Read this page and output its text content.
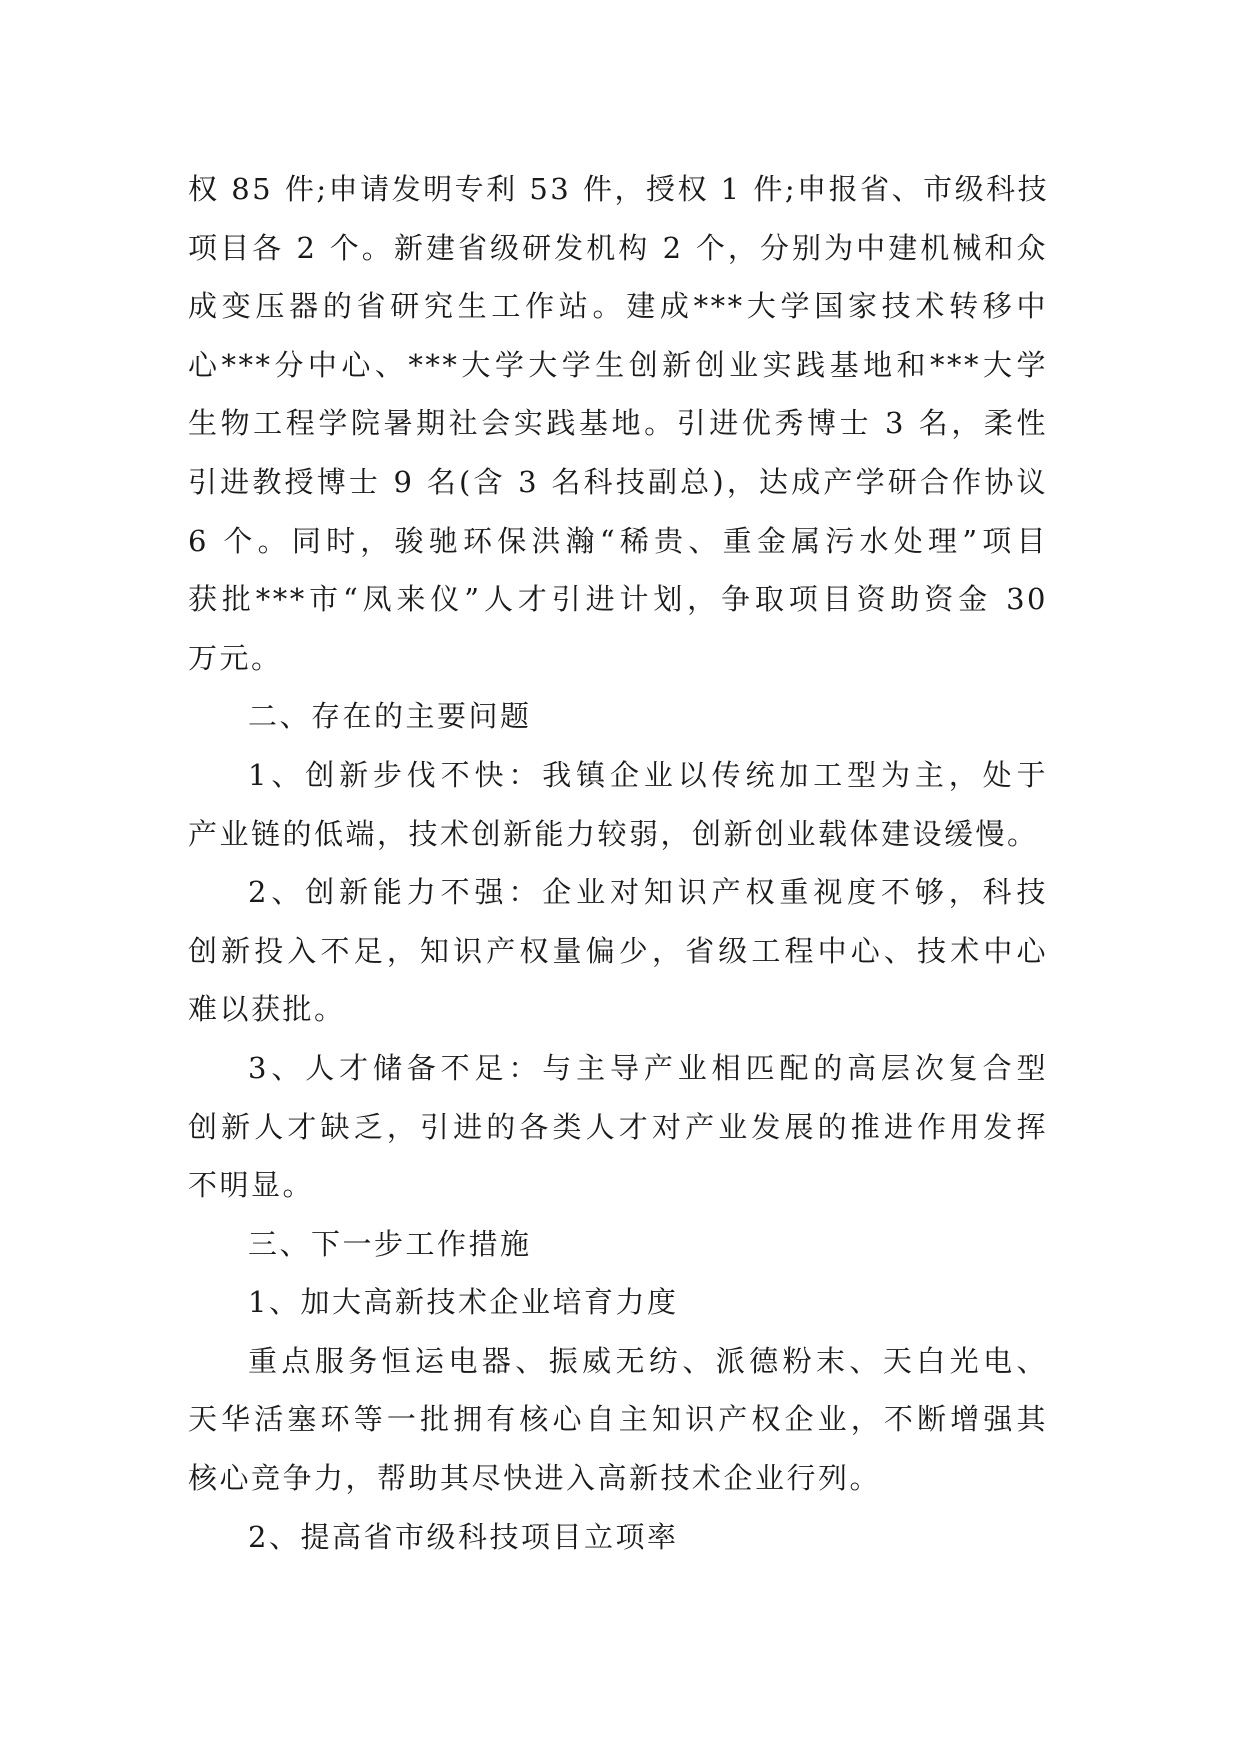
权 85 件;申请发明专利 53 件，授权 1 件;申报省、市级科技
项目各 2 个。新建省级研发机构 2 个，分别为中建机械和众
成变压器的省研究生工作站。建成***大学国家技术转移中
心***分中心、***大学大学生创新创业实践基地和***大学
生物工程学院暑期社会实践基地。引进优秀博士 3 名，柔性
引进教授博士 9 名(含 3 名科技副总)，达成产学研合作协议
6 个。同时，骏驰环保洪瀚“稀贵、重金属污水处理”项目
获批***市“凤来仪”人才引进计划，争取项目资助资金 30
万元。
二、存在的主要问题
1、创新步伐不快：我镇企业以传统加工型为主，处于
产业链的低端，技术创新能力较弱，创新创业载体建设缓慢。
2、创新能力不强：企业对知识产权重视度不够，科技
创新投入不足，知识产权量偏少，省级工程中心、技术中心
难以获批。
3、人才储备不足：与主导产业相匹配的高层次复合型
创新人才缺乏，引进的各类人才对产业发展的推进作用发挥
不明显。
三、下一步工作措施
1、加大高新技术企业培育力度
重点服务恒运电器、振威无纺、派德粉末、天白光电、
天华活塞环等一批拥有核心自主知识产权企业，不断增强其
核心竞争力，帮助其尽快进入高新技术企业行列。
2、提高省市级科技项目立项率
